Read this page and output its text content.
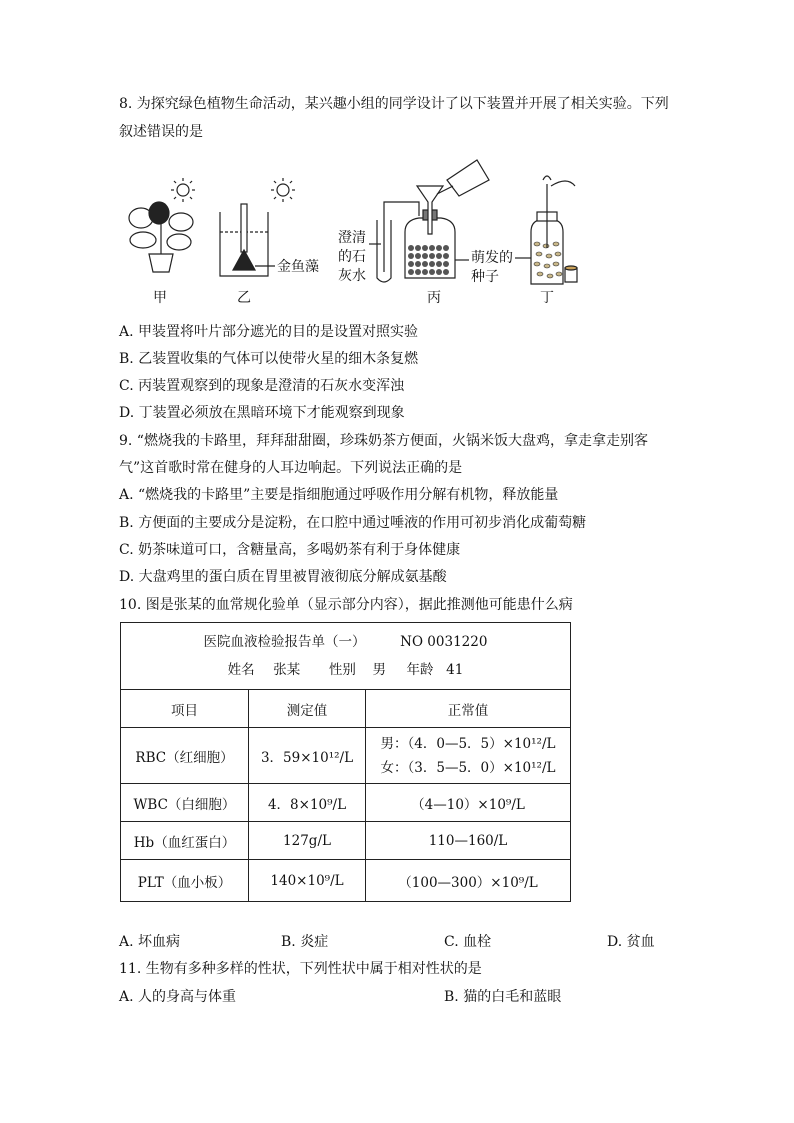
8. 为探究绿色植物生命活动，某兴趣小组的同学设计了以下装置并开展了相关实验。下列
叙述错误的是
甲	乙	丙	丁
金鱼藻
澄清
的石
灰水
萌发的
种子
A. 甲装置将叶片部分遮光的目的是设置对照实验
B. 乙装置收集的气体可以使带火星的细木条复燃
C. 丙装置观察到的现象是澄清的石灰水变浑浊
D. 丁装置必须放在黑暗环境下才能观察到现象
9. “燃烧我的卡路里，拜拜甜甜圈，珍珠奶茶方便面，火锅米饭大盘鸡，拿走拿走别客
气”这首歌时常在健身的人耳边响起。下列说法正确的是
A. “燃烧我的卡路里”主要是指细胞通过呼吸作用分解有机物，释放能量
B. 方便面的主要成分是淀粉，在口腔中通过唾液的作用可初步消化成葡萄糖
C. 奶茶味道可口，含糖量高，多喝奶茶有利于身体健康
D. 大盘鸡里的蛋白质在胃里被胃液彻底分解成氨基酸
10. 图是张某的血常规化验单（显示部分内容），据此推测他可能患什么病
医院血液检验报告单（一） NO 0031220
姓名 张某 性别 男 年龄 41		

项目	测定值	正常值
RBC（红细胞）	3．59×10¹²/L	男：（4．0—5．5）×10¹²/L
女：（3．5—5．0）×10¹²/L

WBC（白细胞）	4．8×10⁹/L	（4—10）×10⁹/L
Hb（血红蛋白）	127g/L	110—160/L
PLT（血小板）	140×10⁹/L	（100—300）×10⁹/L
A. 坏血病	B. 炎症	C. 血栓	D. 贫血
11. 生物有多种多样的性状，下列性状中属于相对性状的是
A. 人的身高与体重	B. 猫的白毛和蓝眼
